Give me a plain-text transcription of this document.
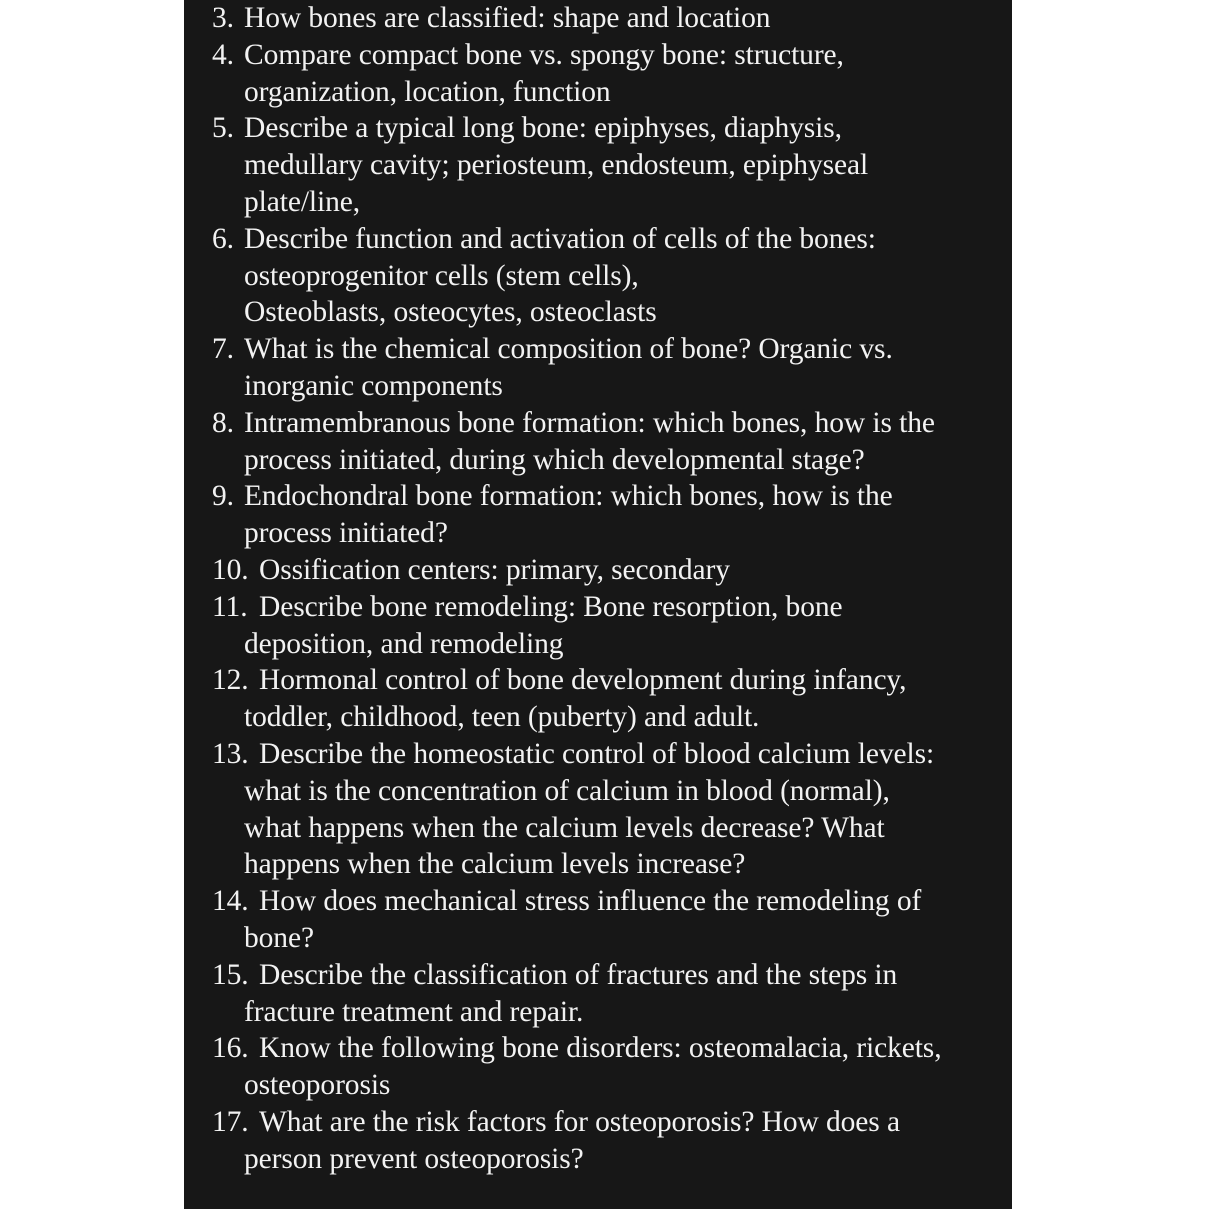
3. How bones are classified: shape and location
4. Compare compact bone vs. spongy bone: structure,
organization, location, function
5. Describe a typical long bone: epiphyses, diaphysis,
medullary cavity; periosteum, endosteum, epiphyseal
plate/line,
6. Describe function and activation of cells of the bones:
osteoprogenitor cells (stem cells),
Osteoblasts, osteocytes, osteoclasts
7. What is the chemical composition of bone? Organic vs.
inorganic components
8. Intramembranous bone formation: which bones, how is the
process initiated, during which developmental stage?
9. Endochondral bone formation: which bones, how is the
process initiated?
10. Ossification centers: primary, secondary
11. Describe bone remodeling: Bone resorption, bone
deposition, and remodeling
12. Hormonal control of bone development during infancy,
toddler, childhood, teen (puberty) and adult.
13. Describe the homeostatic control of blood calcium levels:
what is the concentration of calcium in blood (normal),
what happens when the calcium levels decrease? What
happens when the calcium levels increase?
14. How does mechanical stress influence the remodeling of
bone?
15. Describe the classification of fractures and the steps in
fracture treatment and repair.
16. Know the following bone disorders: osteomalacia, rickets,
osteoporosis
17. What are the risk factors for osteoporosis? How does a
person prevent osteoporosis?
